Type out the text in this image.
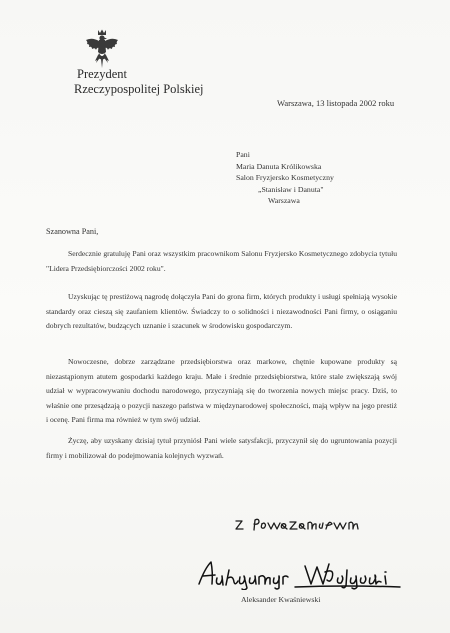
Prezydent
Rzeczypospolitej Polskiej
Warszawa, 13 listopada 2002 roku
Pani
Maria Danuta Królikowska
Salon Fryzjersko Kosmetyczny
„Stanisław i Danuta"
Warszawa
Szanowna Pani,
Serdecznie gratuluję Pani oraz wszystkim pracownikom Salonu Fryzjersko Kosmetycznego zdobycia tytułu "Lidera Przedsiębiorczości 2002 roku".
Uzyskując tę prestiżową nagrodę dołączyła Pani do grona firm, których produkty i usługi spełniają wysokie standardy oraz cieszą się zaufaniem klientów. Świadczy to o solidności i niezawodności Pani firmy, o osiąganiu dobrych rezultatów, budzących uznanie i szacunek w środowisku gospodarczym.
Nowoczesne, dobrze zarządzane przedsiębiorstwa oraz markowe, chętnie kupowane produkty są niezastąpionym atutem gospodarki każdego kraju. Małe i średnie przedsiębiorstwa, które stale zwiększają swój udział w wypracowywaniu dochodu narodowego, przyczyniają się do tworzenia nowych miejsc pracy. Dziś, to właśnie one przesądzają o pozycji naszego państwa w międzynarodowej społeczności, mają wpływ na jego prestiż i ocenę. Pani firma ma również w tym swój udział.
Życzę, aby uzyskany dzisiaj tytuł przyniósł Pani wiele satysfakcji, przyczynił się do ugruntowania pozycji firmy i mobilizował do podejmowania kolejnych wyzwań.
Aleksander Kwaśniewski
